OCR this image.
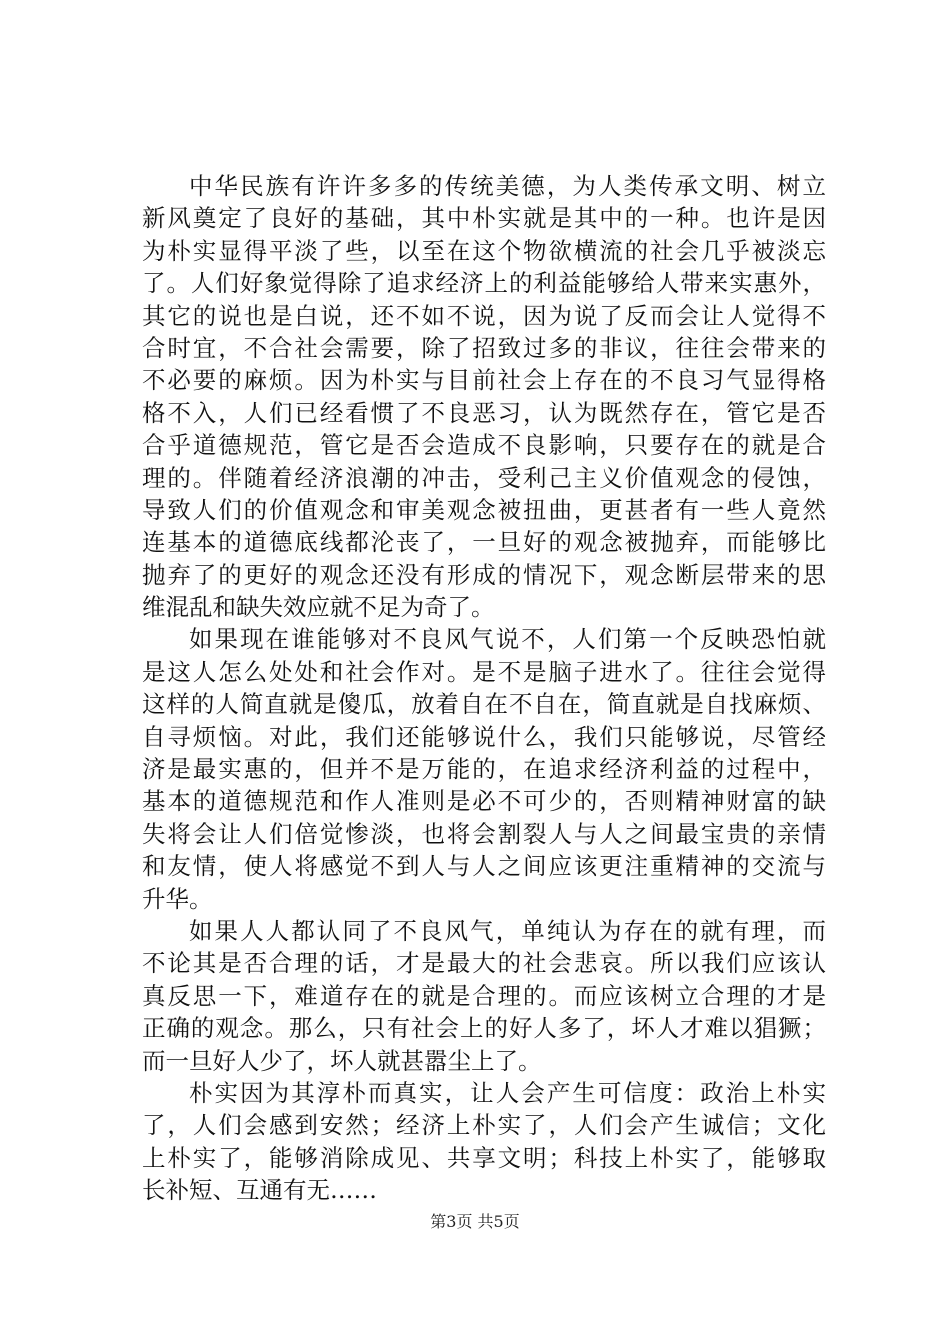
中华民族有许许多多的传统美德，为人类传承文明、树立
新风奠定了良好的基础，其中朴实就是其中的一种。也许是因
为朴实显得平淡了些，以至在这个物欲横流的社会几乎被淡忘
了。人们好象觉得除了追求经济上的利益能够给人带来实惠外，
其它的说也是白说，还不如不说，因为说了反而会让人觉得不
合时宜，不合社会需要，除了招致过多的非议，往往会带来的
不必要的麻烦。因为朴实与目前社会上存在的不良习气显得格
格不入，人们已经看惯了不良恶习，认为既然存在，管它是否
合乎道德规范，管它是否会造成不良影响，只要存在的就是合
理的。伴随着经济浪潮的冲击，受利己主义价值观念的侵蚀，
导致人们的价值观念和审美观念被扭曲，更甚者有一些人竟然
连基本的道德底线都沦丧了，一旦好的观念被抛弃，而能够比
抛弃了的更好的观念还没有形成的情况下，观念断层带来的思
维混乱和缺失效应就不足为奇了。
如果现在谁能够对不良风气说不，人们第一个反映恐怕就
是这人怎么处处和社会作对。是不是脑子进水了。往往会觉得
这样的人简直就是傻瓜，放着自在不自在，简直就是自找麻烦、
自寻烦恼。对此，我们还能够说什么，我们只能够说，尽管经
济是最实惠的，但并不是万能的，在追求经济利益的过程中，
基本的道德规范和作人准则是必不可少的，否则精神财富的缺
失将会让人们倍觉惨淡，也将会割裂人与人之间最宝贵的亲情
和友情，使人将感觉不到人与人之间应该更注重精神的交流与
升华。
如果人人都认同了不良风气，单纯认为存在的就有理，而
不论其是否合理的话，才是最大的社会悲哀。所以我们应该认
真反思一下，难道存在的就是合理的。而应该树立合理的才是
正确的观念。那么，只有社会上的好人多了，坏人才难以猖獗；
而一旦好人少了，坏人就甚嚣尘上了。
朴实因为其淳朴而真实，让人会产生可信度：政治上朴实
了，人们会感到安然；经济上朴实了，人们会产生诚信；文化
上朴实了，能够消除成见、共享文明；科技上朴实了，能够取
长补短、互通有无……
第3页 共5页
